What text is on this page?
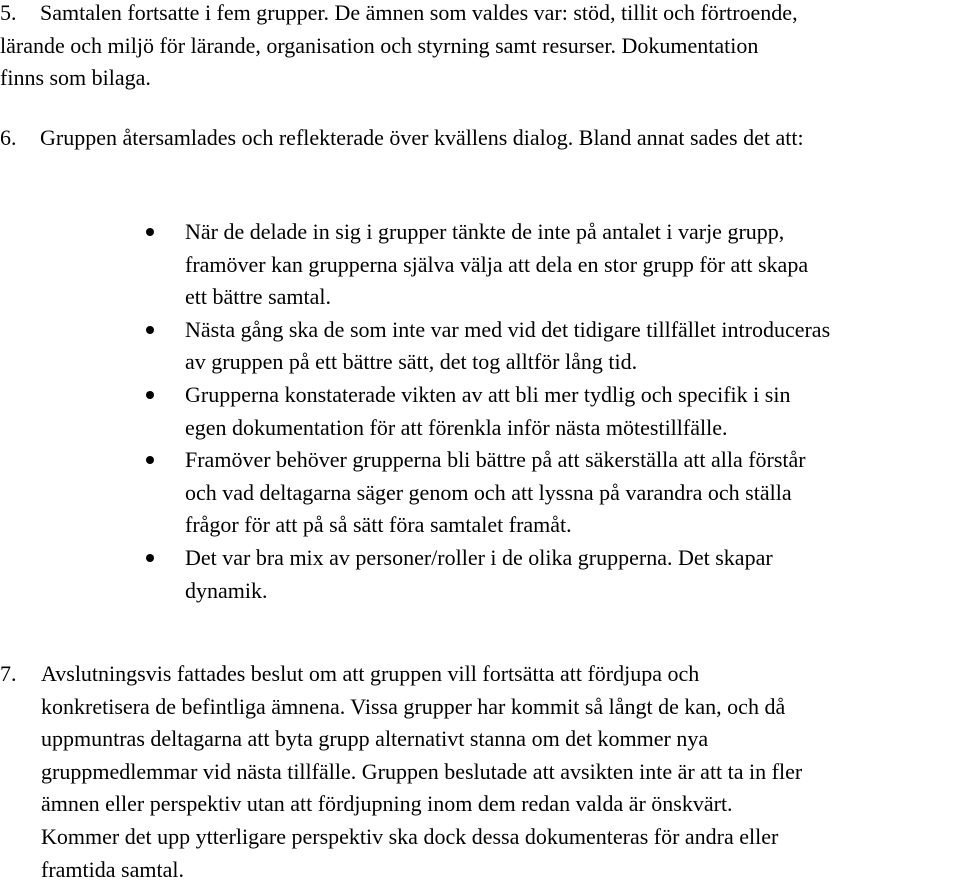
5. Samtalen fortsatte i fem grupper. De ämnen som valdes var: stöd, tillit och förtroende,
lärande och miljö för lärande, organisation och styrning samt resurser. Dokumentation
finns som bilaga.
6. Gruppen återsamlades och reflekterade över kvällens dialog. Bland annat sades det att:
När de delade in sig i grupper tänkte de inte på antalet i varje grupp,
framöver kan grupperna själva välja att dela en stor grupp för att skapa
ett bättre samtal.
Nästa gång ska de som inte var med vid det tidigare tillfället introduceras
av gruppen på ett bättre sätt, det tog alltför lång tid.
Grupperna konstaterade vikten av att bli mer tydlig och specifik i sin
egen dokumentation för att förenkla inför nästa mötestillfälle.
Framöver behöver grupperna bli bättre på att säkerställa att alla förstår
och vad deltagarna säger genom och att lyssna på varandra och ställa
frågor för att på så sätt föra samtalet framåt.
Det var bra mix av personer/roller i de olika grupperna. Det skapar
dynamik.
7. Avslutningsvis fattades beslut om att gruppen vill fortsätta att fördjupa och
konkretisera de befintliga ämnena. Vissa grupper har kommit så långt de kan, och då
uppmuntras deltagarna att byta grupp alternativt stanna om det kommer nya
gruppmedlemmar vid nästa tillfälle. Gruppen beslutade att avsikten inte är att ta in fler
ämnen eller perspektiv utan att fördjupning inom dem redan valda är önskvärt.
Kommer det upp ytterligare perspektiv ska dock dessa dokumenteras för andra eller
framtida samtal.
